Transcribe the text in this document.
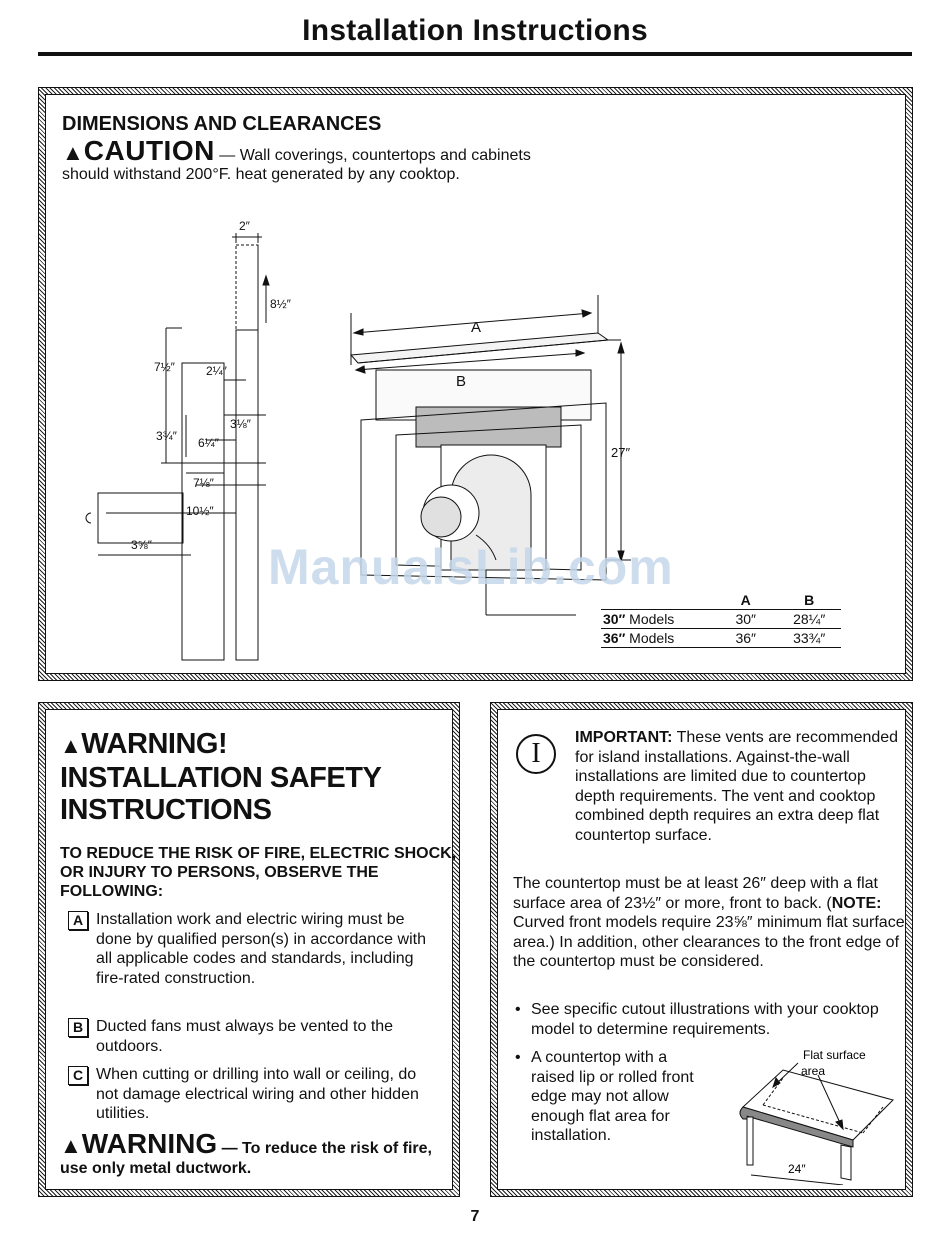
Installation Instructions
DIMENSIONS AND CLEARANCES
▲CAUTION — Wall coverings, countertops and cabinets should withstand 200°F. heat generated by any cooktop.
2″
8½″
7½″	2¼″
3⅛″
3¾″ 6¼″
7⅛″
10½″
3⅝″
A
B
27″
	A	B
30″ Models	30″	28¼″
36″ Models	36″	33¾″
ManualsLib.com
▲WARNING!
INSTALLATION SAFETY
INSTRUCTIONS
TO REDUCE THE RISK OF FIRE, ELECTRIC SHOCK, OR INJURY TO PERSONS, OBSERVE THE FOLLOWING:
A Installation work and electric wiring must be done by qualified person(s) in accordance with all applicable codes and standards, including fire-rated construction.
B Ducted fans must always be vented to the outdoors.
C When cutting or drilling into wall or ceiling, do not damage electrical wiring and other hidden utilities.
▲WARNING — To reduce the risk of fire, use only metal ductwork.
I
IMPORTANT: These vents are recommended for island installations. Against-the-wall installations are limited due to countertop depth requirements. The vent and cooktop combined depth requires an extra deep flat countertop surface.
The countertop must be at least 26″ deep with a flat surface area of 23½″ or more, front to back. (NOTE: Curved front models require 23⅝″ minimum flat surface area.) In addition, other clearances to the front edge of the countertop must be considered.
• See specific cutout illustrations with your cooktop model to determine requirements.
• A countertop with a raised lip or rolled front edge may not allow enough flat area for installation.
Flat surface
area
24″
7
